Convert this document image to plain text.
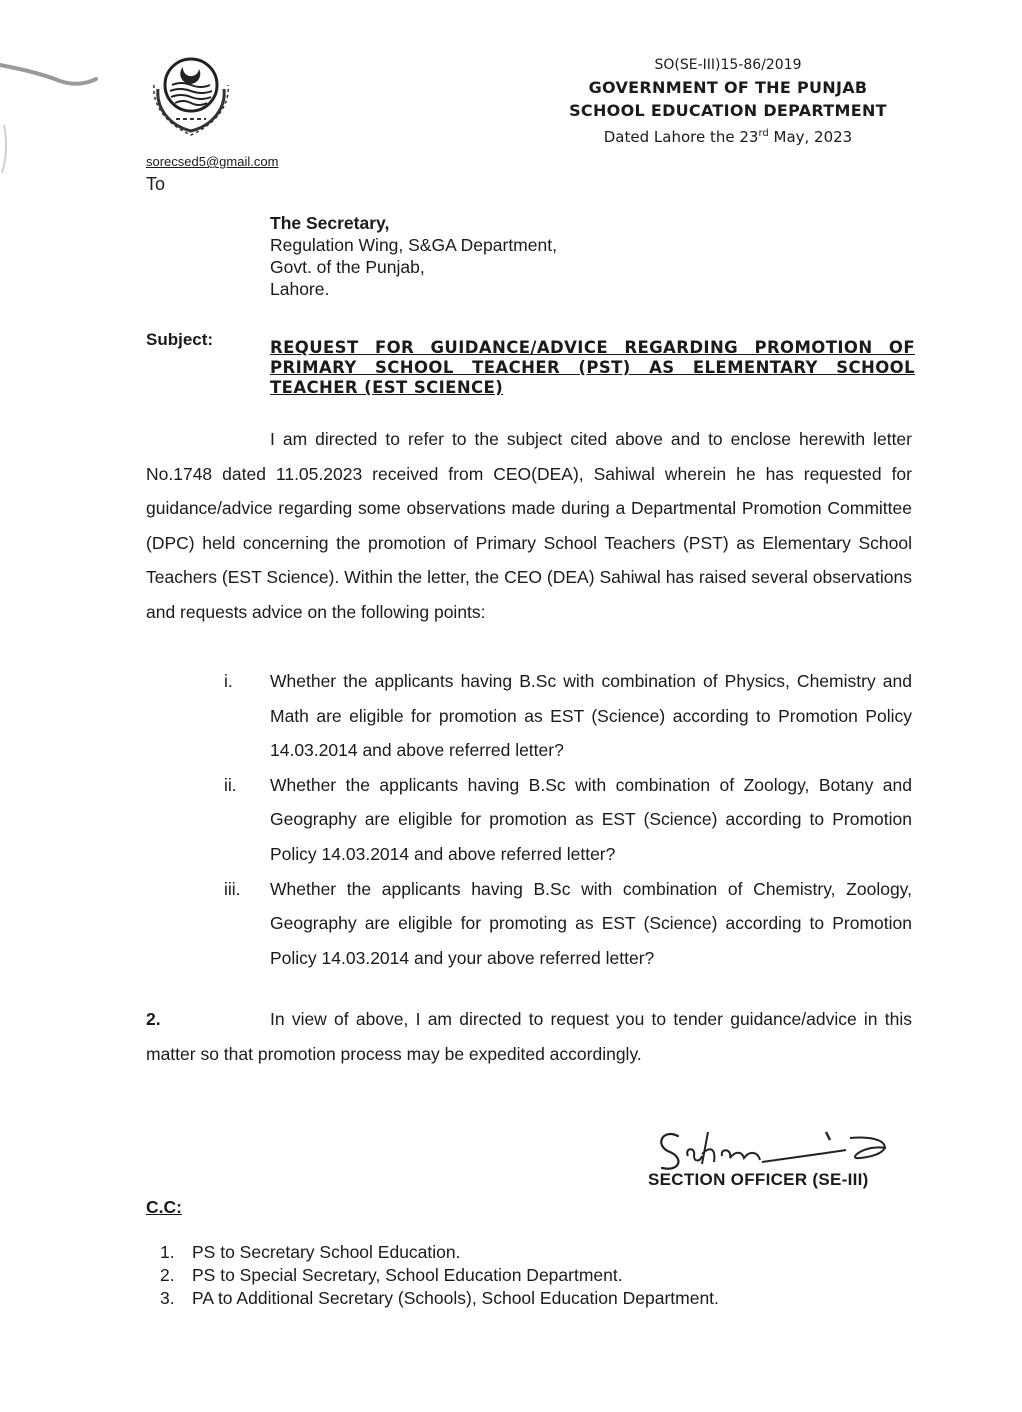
SO(SE-III)15-86/2019
GOVERNMENT OF THE PUNJAB
SCHOOL EDUCATION DEPARTMENT
Dated Lahore the 23rd May, 2023
sorecsed5@gmail.com
To
The Secretary,
Regulation Wing, S&GA Department,
Govt. of the Punjab,
Lahore.
Subject:	REQUEST FOR GUIDANCE/ADVICE REGARDING PROMOTION OF PRIMARY SCHOOL TEACHER (PST) AS ELEMENTARY SCHOOL TEACHER (EST SCIENCE)
I am directed to refer to the subject cited above and to enclose herewith letter No.1748 dated 11.05.2023 received from CEO(DEA), Sahiwal wherein he has requested for guidance/advice regarding some observations made during a Departmental Promotion Committee (DPC) held concerning the promotion of Primary School Teachers (PST) as Elementary School Teachers (EST Science). Within the letter, the CEO (DEA) Sahiwal has raised several observations and requests advice on the following points:
i.	Whether the applicants having B.Sc with combination of Physics, Chemistry and Math are eligible for promotion as EST (Science) according to Promotion Policy 14.03.2014 and above referred letter?
ii.	Whether the applicants having B.Sc with combination of Zoology, Botany and Geography are eligible for promotion as EST (Science) according to Promotion Policy 14.03.2014 and above referred letter?
iii.	Whether the applicants having B.Sc with combination of Chemistry, Zoology, Geography are eligible for promoting as EST (Science) according to Promotion Policy 14.03.2014 and your above referred letter?
2.	In view of above, I am directed to request you to tender guidance/advice in this matter so that promotion process may be expedited accordingly.
SECTION OFFICER (SE-III)
C.C:
1. PS to Secretary School Education.
2. PS to Special Secretary, School Education Department.
3. PA to Additional Secretary (Schools), School Education Department.
